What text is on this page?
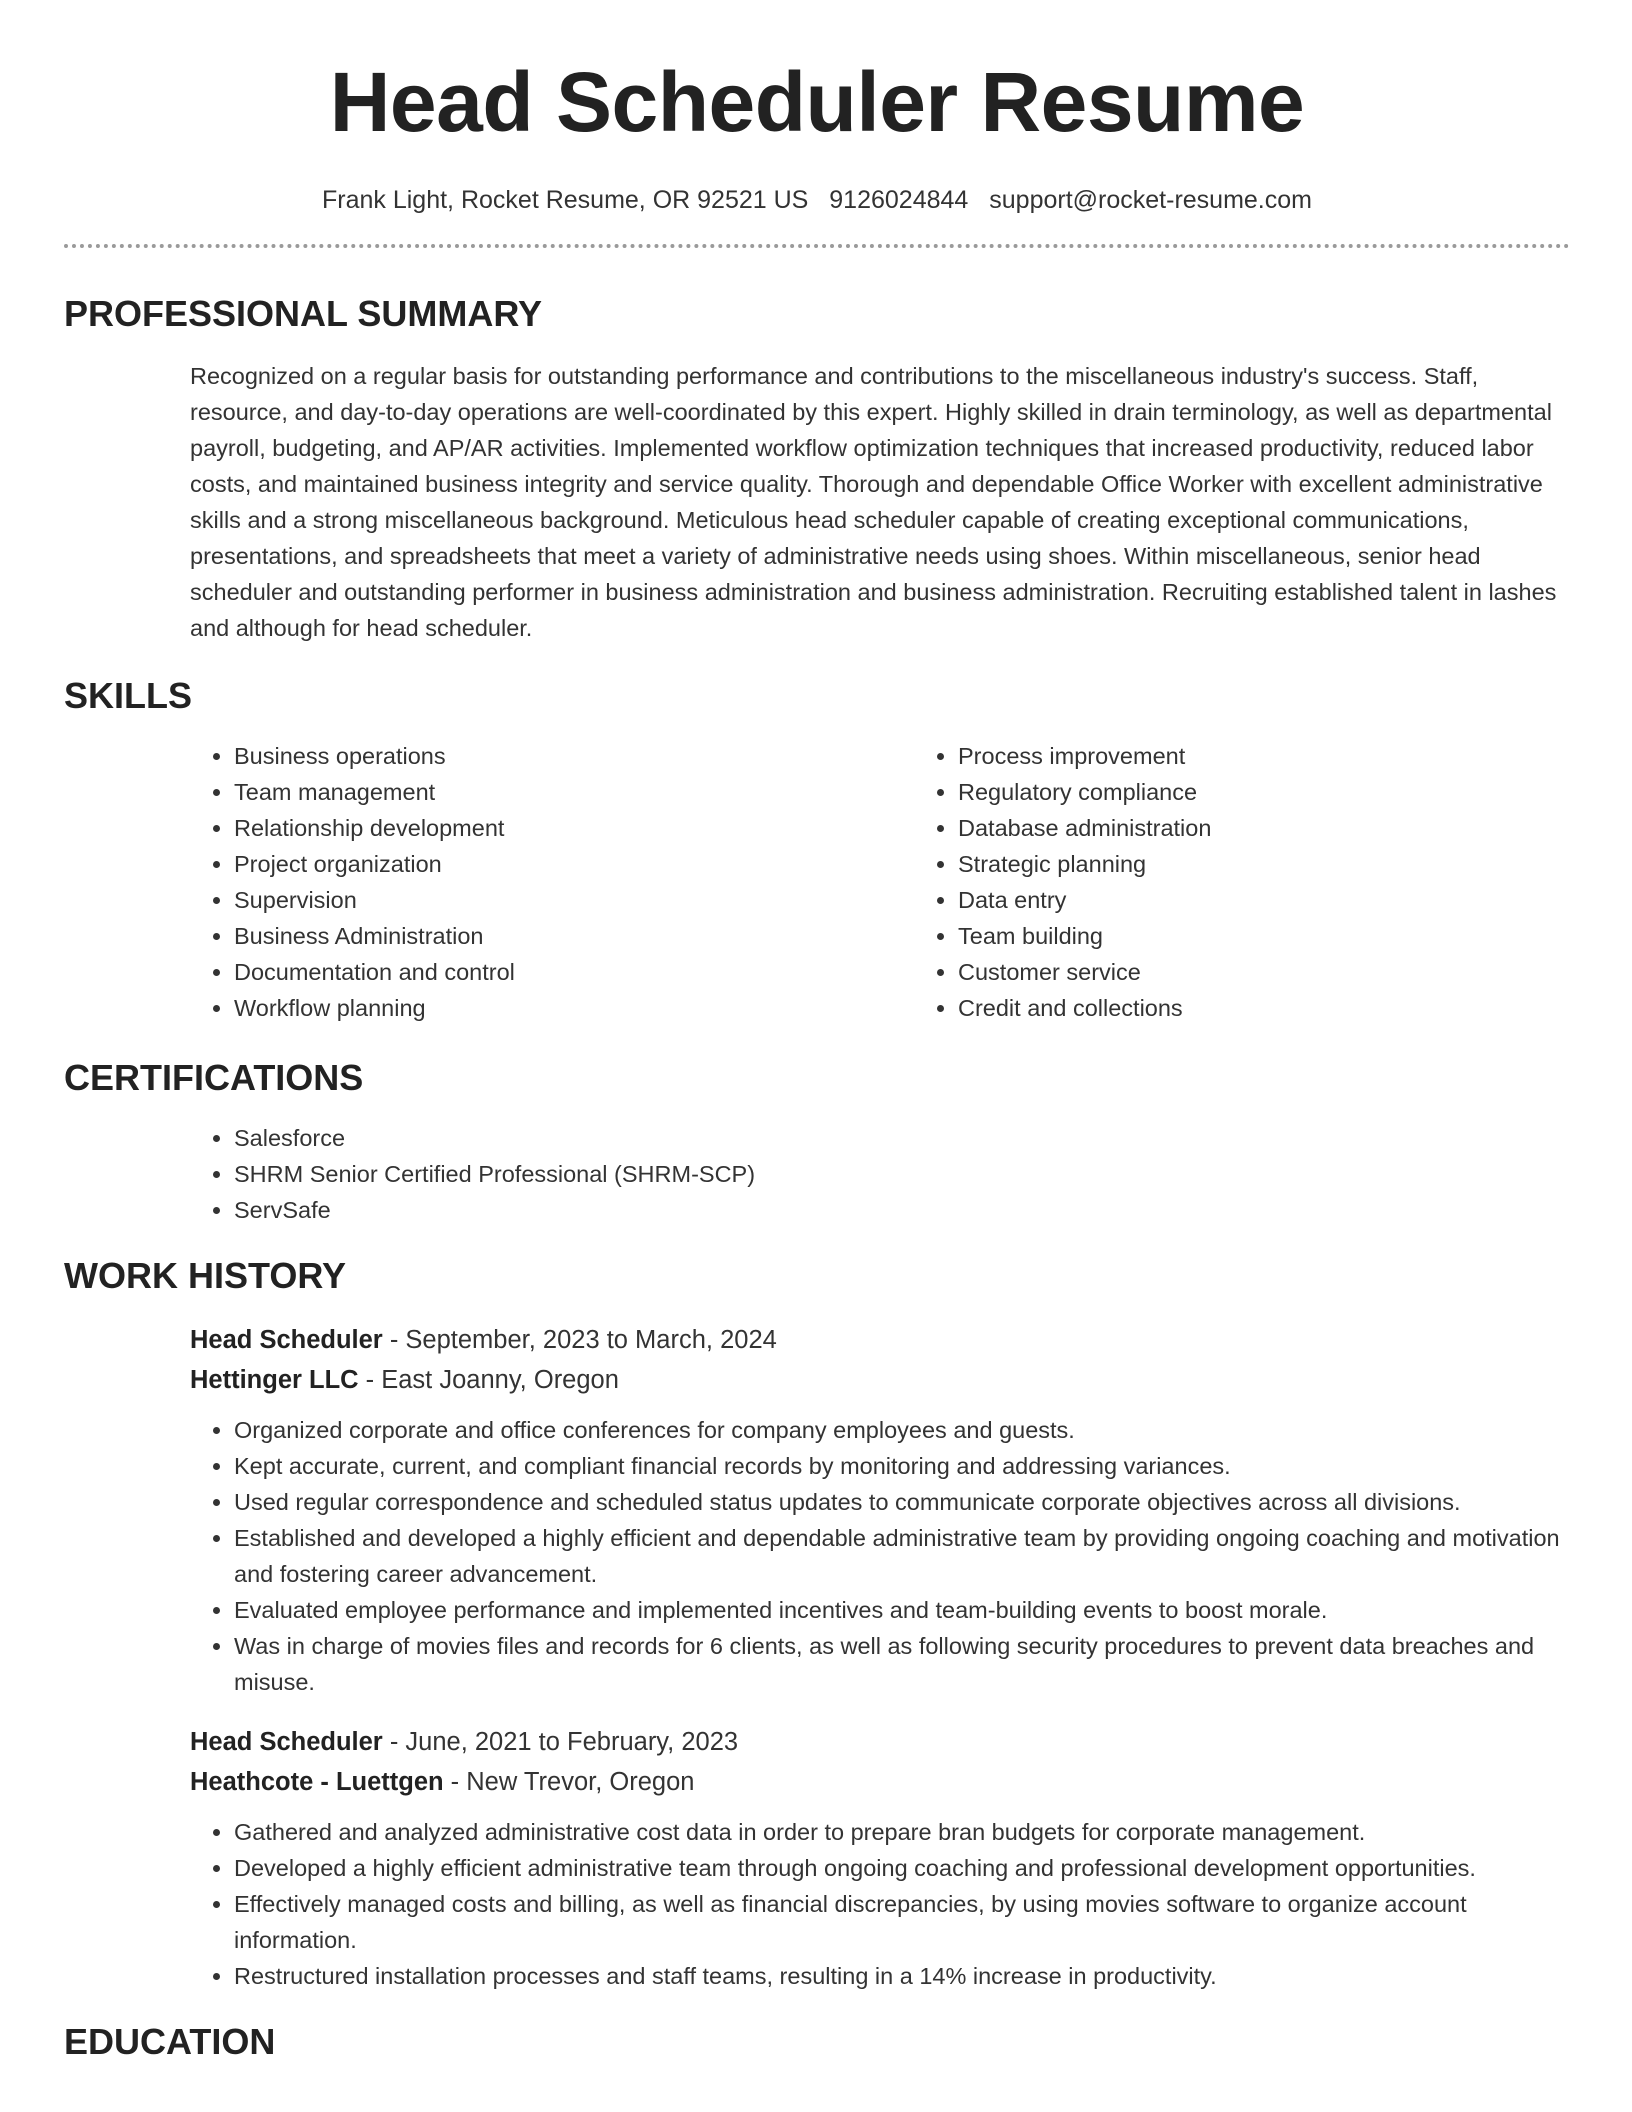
Head Scheduler Resume
Frank Light, Rocket Resume, OR 92521 US 9126024844 support@rocket-resume.com
PROFESSIONAL SUMMARY

Recognized on a regular basis for outstanding performance and contributions to the miscellaneous industry's success. Staff, resource, and day-to-day operations are well-coordinated by this expert. Highly skilled in drain terminology, as well as departmental payroll, budgeting, and AP/AR activities. Implemented workflow optimization techniques that increased productivity, reduced labor costs, and maintained business integrity and service quality. Thorough and dependable Office Worker with excellent administrative skills and a strong miscellaneous background. Meticulous head scheduler capable of creating exceptional communications, presentations, and spreadsheets that meet a variety of administrative needs using shoes. Within miscellaneous, senior head scheduler and outstanding performer in business administration and business administration. Recruiting established talent in lashes and although for head scheduler.

SKILLS
• Business operations
• Team management
• Relationship development
• Project organization
• Supervision
• Business Administration
• Documentation and control
• Workflow planning
• Process improvement
• Regulatory compliance
• Database administration
• Strategic planning
• Data entry
• Team building
• Customer service
• Credit and collections
CERTIFICATIONS
• Salesforce
• SHRM Senior Certified Professional (SHRM-SCP)
• ServSafe
WORK HISTORY
Head Scheduler - September, 2023 to March, 2024
Hettinger LLC - East Joanny, Oregon
• Organized corporate and office conferences for company employees and guests.
• Kept accurate, current, and compliant financial records by monitoring and addressing variances.
• Used regular correspondence and scheduled status updates to communicate corporate objectives across all divisions.
• Established and developed a highly efficient and dependable administrative team by providing ongoing coaching and motivation and fostering career advancement.
• Evaluated employee performance and implemented incentives and team-building events to boost morale.
• Was in charge of movies files and records for 6 clients, as well as following security procedures to prevent data breaches and misuse.
Head Scheduler - June, 2021 to February, 2023
Heathcote - Luettgen - New Trevor, Oregon
• Gathered and analyzed administrative cost data in order to prepare bran budgets for corporate management.
• Developed a highly efficient administrative team through ongoing coaching and professional development opportunities.
• Effectively managed costs and billing, as well as financial discrepancies, by using movies software to organize account information.
• Restructured installation processes and staff teams, resulting in a 14% increase in productivity.
EDUCATION
